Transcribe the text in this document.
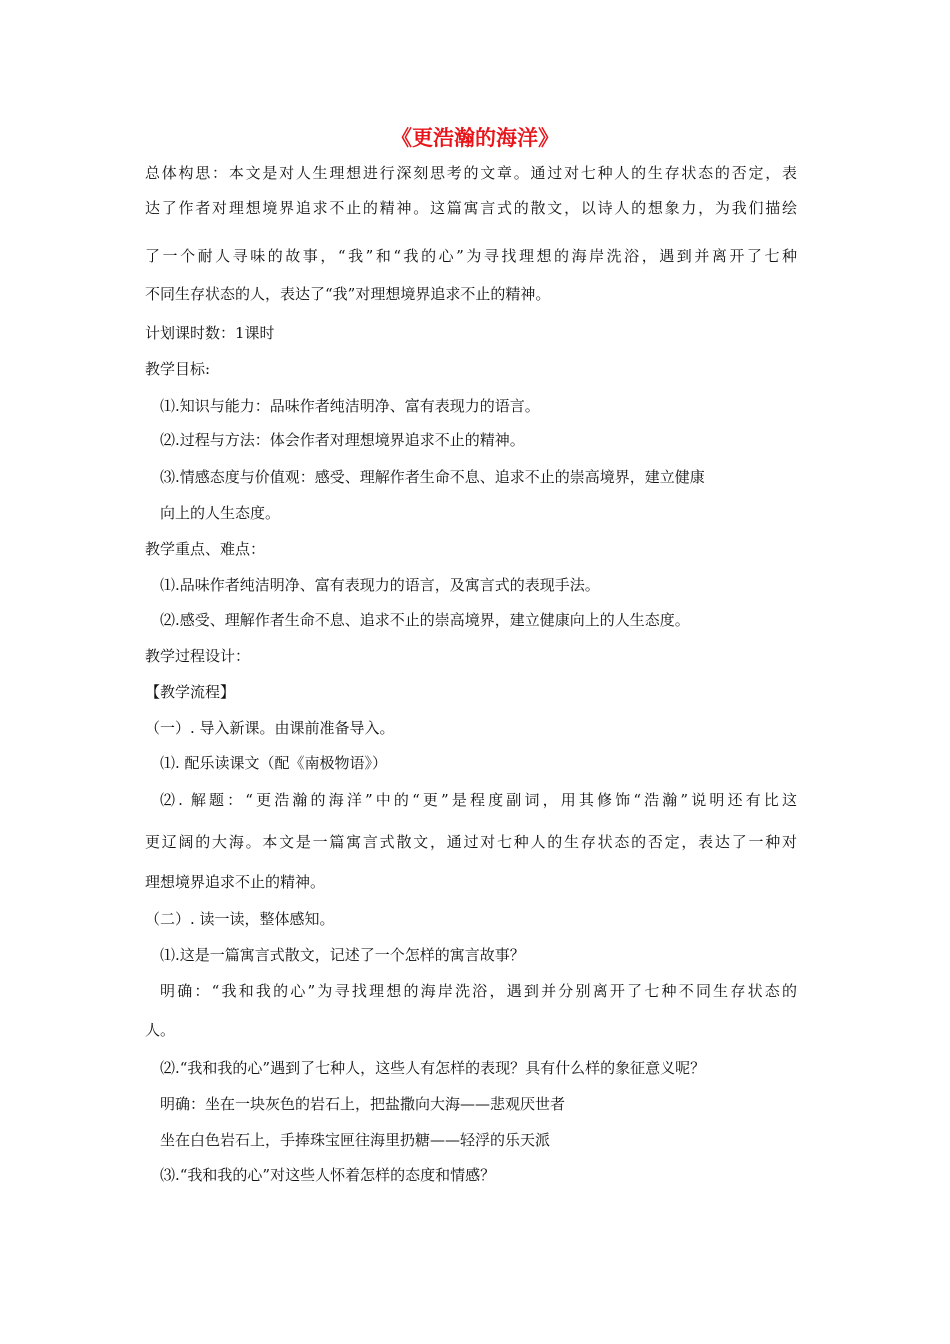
《更浩瀚的海洋》
总体构思：本文是对人生理想进行深刻思考的文章。通过对七种人的生存状态的否定，表
达了作者对理想境界追求不止的精神。这篇寓言式的散文，以诗人的想象力，为我们描绘
了一个耐人寻味的故事，“我”和“我的心”为寻找理想的海岸洗浴，遇到并离开了七种
不同生存状态的人，表达了“我”对理想境界追求不止的精神。
计划课时数：1课时
教学目标:
⑴.知识与能力：品味作者纯洁明净、富有表现力的语言。
⑵.过程与方法：体会作者对理想境界追求不止的精神。
⑶.情感态度与价值观：感受、理解作者生命不息、追求不止的崇高境界，建立健康
向上的人生态度。
教学重点、难点：
⑴.品味作者纯洁明净、富有表现力的语言，及寓言式的表现手法。
⑵.感受、理解作者生命不息、追求不止的崇高境界，建立健康向上的人生态度。
教学过程设计：
【教学流程】
（一）. 导入新课。由课前准备导入。
⑴. 配乐读课文（配《南极物语》）
⑵. 解题：“更浩瀚的海洋”中的“更”是程度副词，用其修饰“浩瀚”说明还有比这
更辽阔的大海。本文是一篇寓言式散文，通过对七种人的生存状态的否定，表达了一种对
理想境界追求不止的精神。
（二）. 读一读，整体感知。
⑴.这是一篇寓言式散文，记述了一个怎样的寓言故事？
明确：“我和我的心”为寻找理想的海岸洗浴，遇到并分别离开了七种不同生存状态的
人。
⑵.“我和我的心”遇到了七种人，这些人有怎样的表现？具有什么样的象征意义呢？
明确：坐在一块灰色的岩石上，把盐撒向大海——悲观厌世者
坐在白色岩石上，手捧珠宝匣往海里扔糖——轻浮的乐天派
⑶.“我和我的心”对这些人怀着怎样的态度和情感？
